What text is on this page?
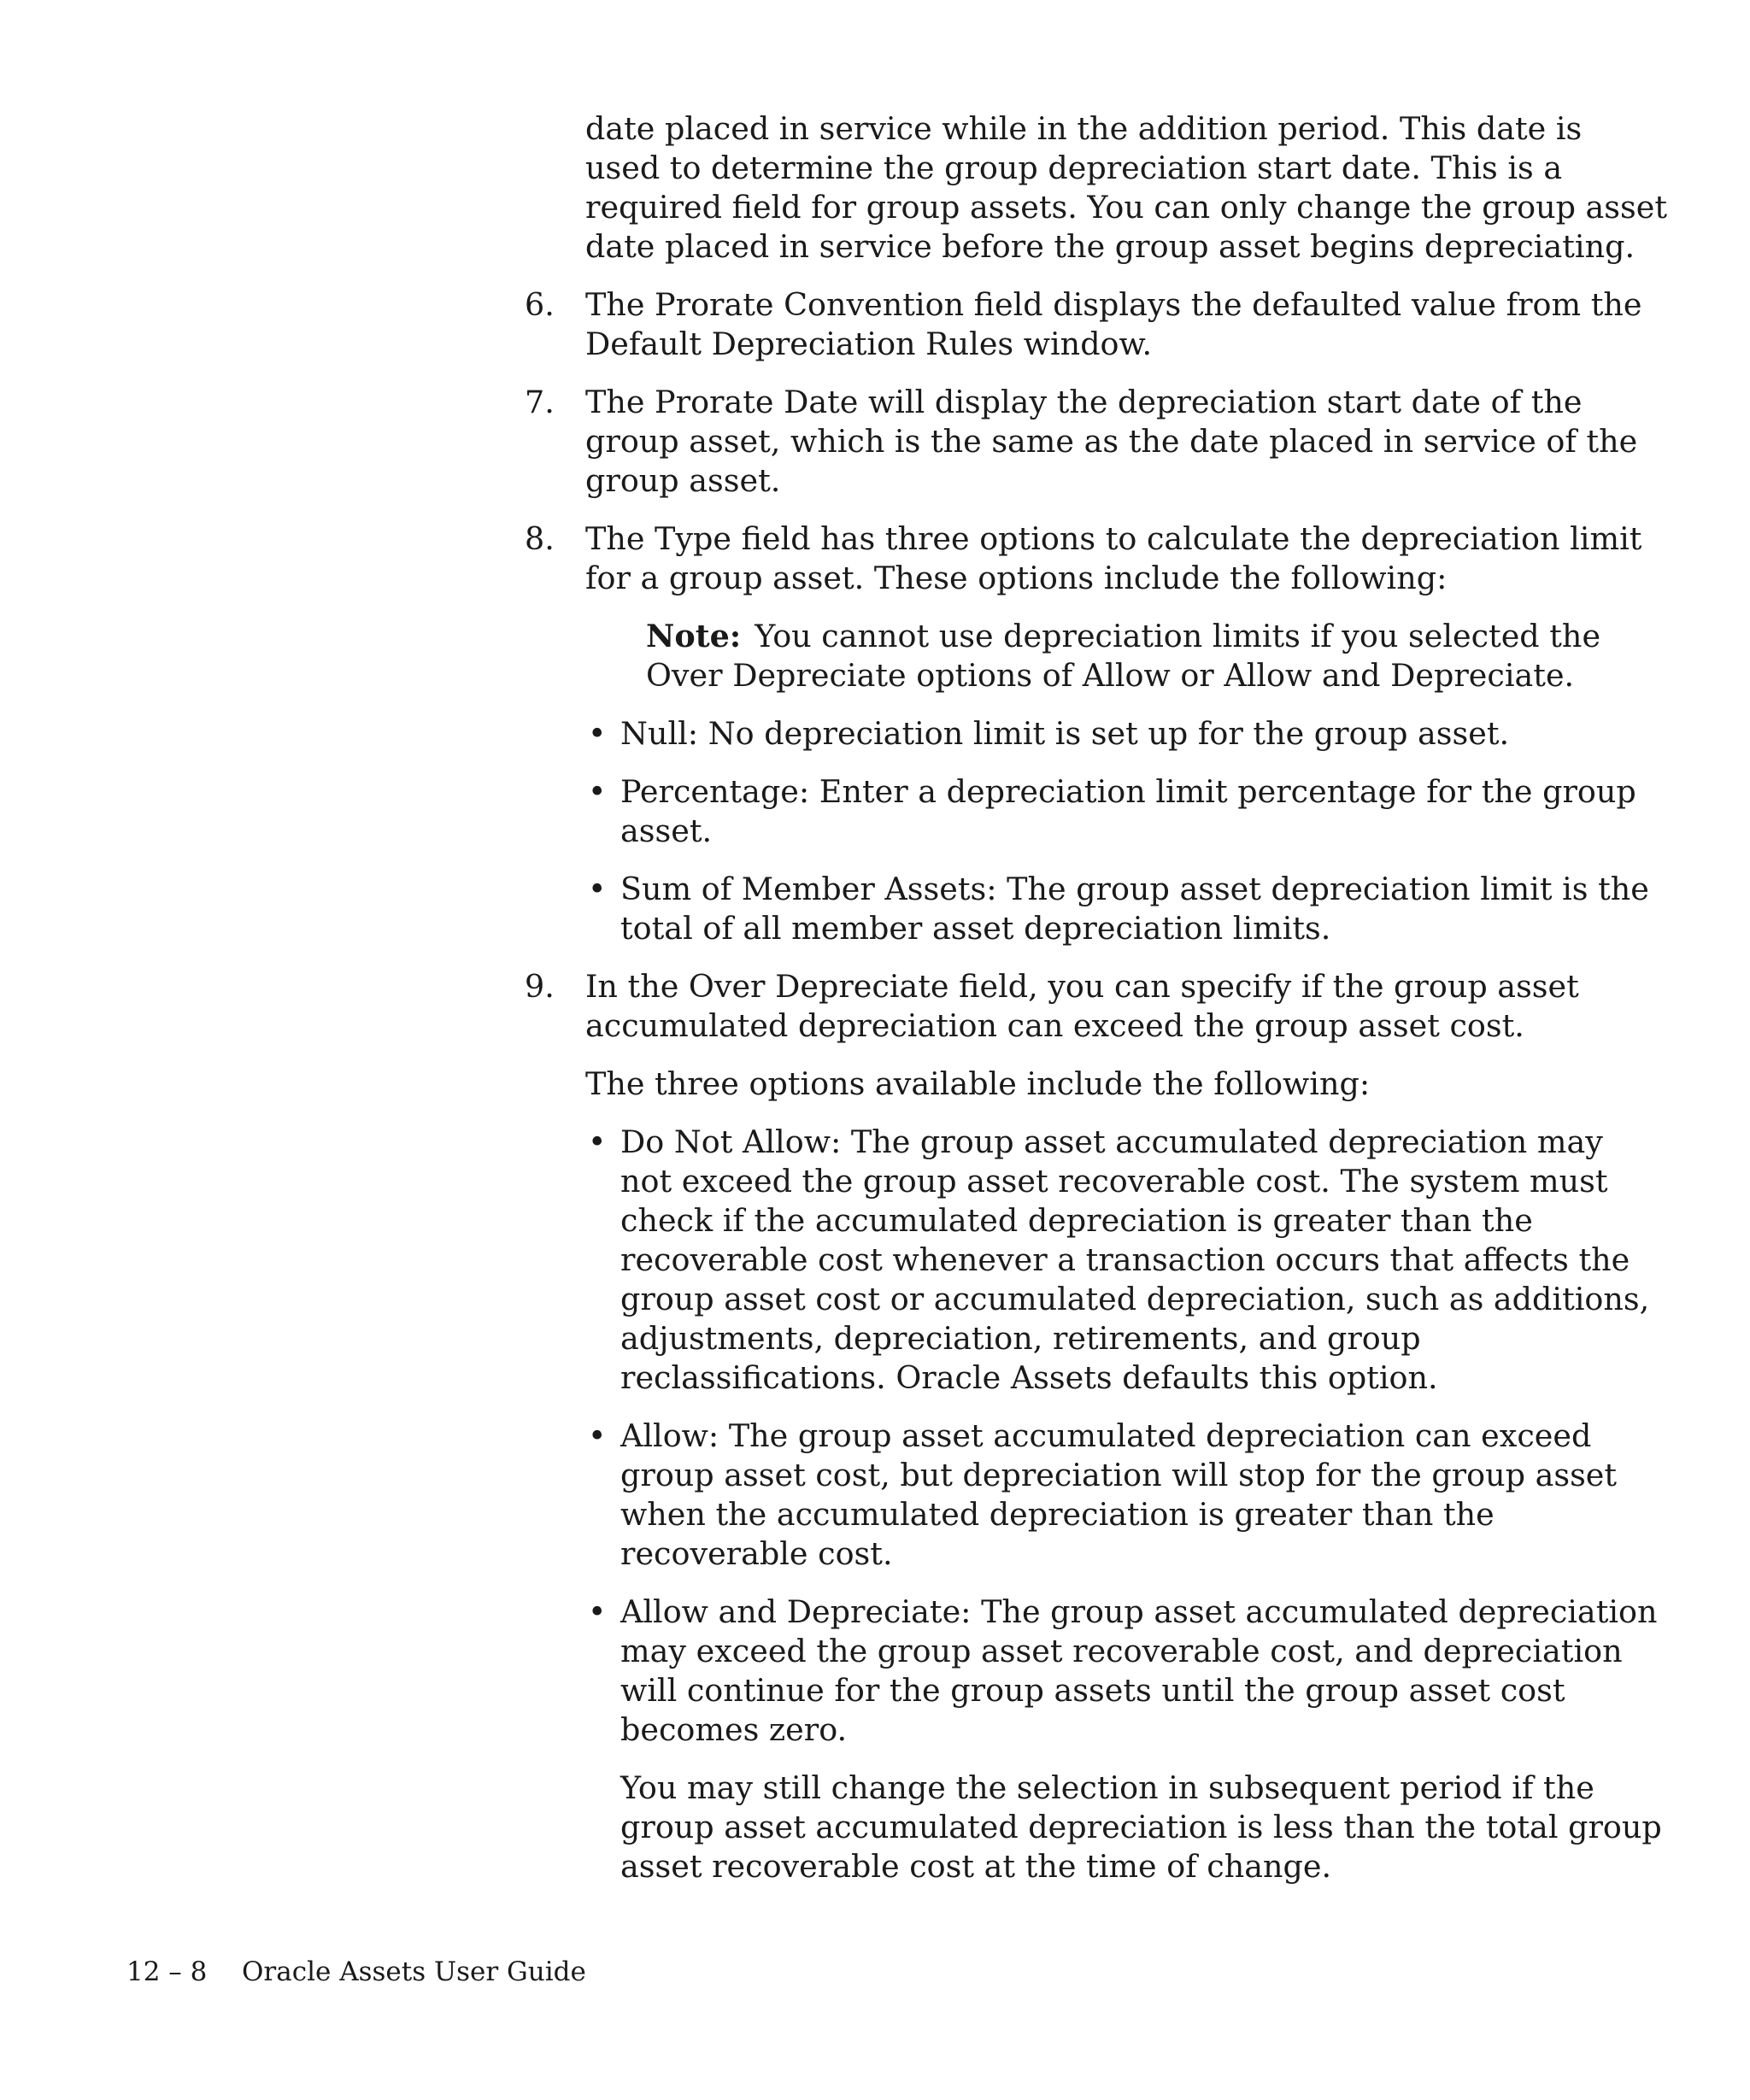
date placed in service while in the addition period. This date is
used to determine the group depreciation start date. This is a
required field for group assets. You can only change the group asset
date placed in service before the group asset begins depreciating.
6. The Prorate Convention field displays the defaulted value from the
Default Depreciation Rules window.
7. The Prorate Date will display the depreciation start date of the
group asset, which is the same as the date placed in service of the
group asset.
8. The Type field has three options to calculate the depreciation limit
for a group asset. These options include the following:
Note: You cannot use depreciation limits if you selected the
Over Depreciate options of Allow or Allow and Depreciate.
• Null: No depreciation limit is set up for the group asset.
• Percentage: Enter a depreciation limit percentage for the group
asset.
• Sum of Member Assets: The group asset depreciation limit is the
total of all member asset depreciation limits.
9. In the Over Depreciate field, you can specify if the group asset
accumulated depreciation can exceed the group asset cost.
The three options available include the following:
• Do Not Allow: The group asset accumulated depreciation may
not exceed the group asset recoverable cost. The system must
check if the accumulated depreciation is greater than the
recoverable cost whenever a transaction occurs that affects the
group asset cost or accumulated depreciation, such as additions,
adjustments, depreciation, retirements, and group
reclassifications. Oracle Assets defaults this option.
• Allow: The group asset accumulated depreciation can exceed
group asset cost, but depreciation will stop for the group asset
when the accumulated depreciation is greater than the
recoverable cost.
• Allow and Depreciate: The group asset accumulated depreciation
may exceed the group asset recoverable cost, and depreciation
will continue for the group assets until the group asset cost
becomes zero.
You may still change the selection in subsequent period if the
group asset accumulated depreciation is less than the total group
asset recoverable cost at the time of change.
12 – 8 Oracle Assets User Guide
